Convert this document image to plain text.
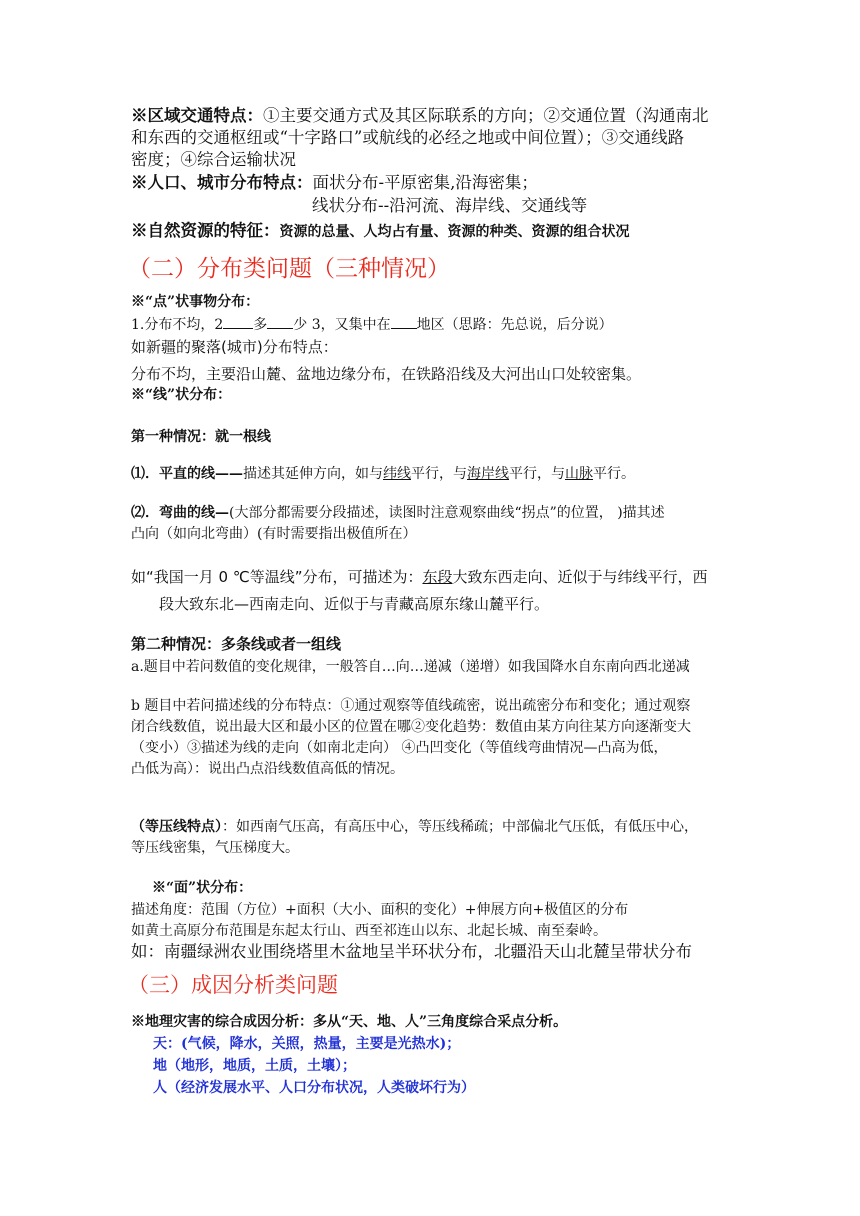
※区域交通特点：①主要交通方式及其区际联系的方向；②交通位置（沟通南北
和东西的交通枢纽或“十字路口”或航线的必经之地或中间位置）；③交通线路
密度；④综合运输状况
※人口、城市分布特点：面状分布-平原密集,沿海密集；
线状分布--沿河流、海岸线、交通线等
※自然资源的特征：资源的总量、人均占有量、资源的种类、资源的组合状况
（二）分布类问题（三种情况）
※“点”状事物分布：
1.分布不均，2 多 少 3，又集中在 地区（思路：先总说，后分说）
如新疆的聚落(城市)分布特点：
分布不均，主要沿山麓、盆地边缘分布，在铁路沿线及大河出山口处较密集。
※“线”状分布：
第一种情况：就一根线
⑴．平直的线——描述其延伸方向，如与纬线平行，与海岸线平行，与山脉平行。
⑵．弯曲的线—(大部分都需要分段描述，读图时注意观察曲线“拐点”的位置， )描其述
凸向（如向北弯曲）(有时需要指出极值所在）
如“我国一月 0 ℃等温线”分布，可描述为：东段大致东西走向、近似于与纬线平行，西
段大致东北—西南走向、近似于与青藏高原东缘山麓平行。
第二种情况：多条线或者一组线
a.题目中若问数值的变化规律，一般答自…向…递减（递增）如我国降水自东南向西北递减
b 题目中若问描述线的分布特点：①通过观察等值线疏密，说出疏密分布和变化；通过观察
闭合线数值，说出最大区和最小区的位置在哪②变化趋势：数值由某方向往某方向逐渐变大
（变小）③描述为线的走向（如南北走向） ④凸凹变化（等值线弯曲情况—凸高为低，
凸低为高）：说出凸点沿线数值高低的情况。
（等压线特点）：如西南气压高，有高压中心，等压线稀疏；中部偏北气压低，有低压中心，
等压线密集，气压梯度大。
※“面”状分布：
描述角度：范围（方位）+面积（大小、面积的变化）+伸展方向+极值区的分布
如黄土高原分布范围是东起太行山、西至祁连山以东、北起长城、南至秦岭。
如：南疆绿洲农业围绕塔里木盆地呈半环状分布，北疆沿天山北麓呈带状分布
（三）成因分析类问题
※地理灾害的综合成因分析：多从“天、地、人”三角度综合采点分析。
天：(气候，降水，关照，热量，主要是光热水)；
地（地形，地质，土质，土壤）；
人（经济发展水平、人口分布状况，人类破坏行为）
